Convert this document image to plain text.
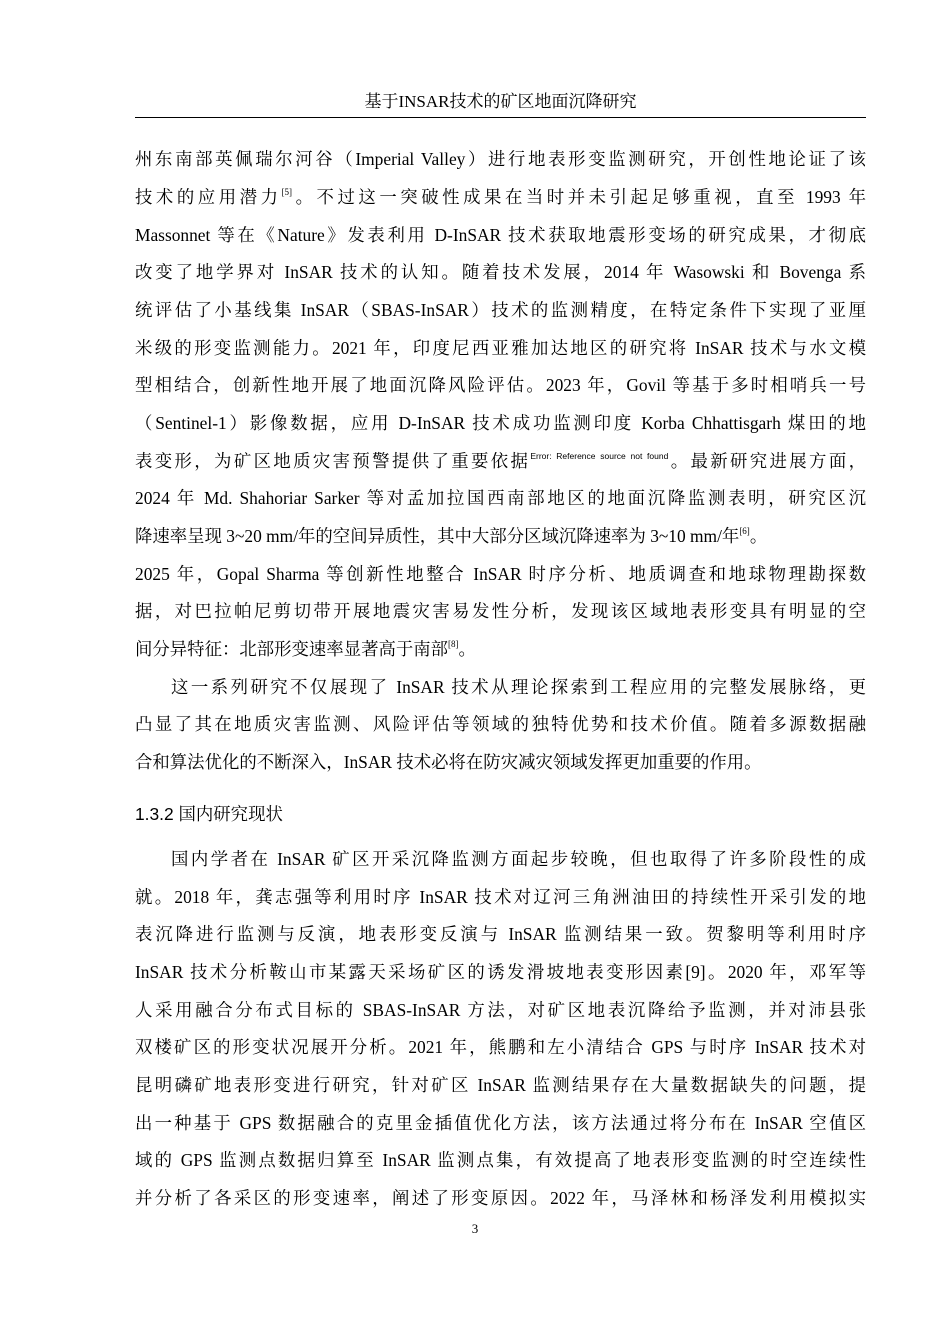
基于INSAR技术的矿区地面沉降研究
州东南部英佩瑞尔河谷（Imperial Valley）进行地表形变监测研究，开创性地论证了该
技术的应用潜力[5]。不过这一突破性成果在当时并未引起足够重视，直至 1993 年
Massonnet 等在《Nature》发表利用 D-InSAR 技术获取地震形变场的研究成果，才彻底
改变了地学界对 InSAR 技术的认知。随着技术发展，2014 年 Wasowski 和 Bovenga 系
统评估了小基线集 InSAR（SBAS-InSAR）技术的监测精度，在特定条件下实现了亚厘
米级的形变监测能力。2021 年，印度尼西亚雅加达地区的研究将 InSAR 技术与水文模
型相结合，创新性地开展了地面沉降风险评估。2023 年，Govil 等基于多时相哨兵一号
（Sentinel-1）影像数据，应用 D-InSAR 技术成功监测印度 Korba Chhattisgarh 煤田的地
表变形，为矿区地质灾害预警提供了重要依据$^{Error: Reference source not found}$。最新研究进展方面，
2024 年 Md. Shahoriar Sarker 等对孟加拉国西南部地区的地面沉降监测表明，研究区沉
降速率呈现 3~20 mm/年的空间异质性，其中大部分区域沉降速率为 3~10 mm/年[6]。
2025 年，Gopal Sharma 等创新性地整合 InSAR 时序分析、地质调查和地球物理勘探数
据，对巴拉帕尼剪切带开展地震灾害易发性分析，发现该区域地表形变具有明显的空
间分异特征：北部形变速率显著高于南部[8]。
这一系列研究不仅展现了 InSAR 技术从理论探索到工程应用的完整发展脉络，更
凸显了其在地质灾害监测、风险评估等领域的独特优势和技术价值。随着多源数据融
合和算法优化的不断深入，InSAR 技术必将在防灾减灾领域发挥更加重要的作用。
1.3.2 国内研究现状
国内学者在 InSAR 矿区开采沉降监测方面起步较晚，但也取得了许多阶段性的成
就。2018 年，龚志强等利用时序 InSAR 技术对辽河三角洲油田的持续性开采引发的地
表沉降进行监测与反演，地表形变反演与 InSAR 监测结果一致。贺黎明等利用时序
InSAR 技术分析鞍山市某露天采场矿区的诱发滑坡地表变形因素[9]。2020 年，邓军等
人采用融合分布式目标的 SBAS-InSAR 方法，对矿区地表沉降给予监测，并对沛县张
双楼矿区的形变状况展开分析。2021 年，熊鹏和左小清结合 GPS 与时序 InSAR 技术对
昆明磷矿地表形变进行研究，针对矿区 InSAR 监测结果存在大量数据缺失的问题，提
出一种基于 GPS 数据融合的克里金插值优化方法，该方法通过将分布在 InSAR 空值区
域的 GPS 监测点数据归算至 InSAR 监测点集，有效提高了地表形变监测的时空连续性
并分析了各采区的形变速率，阐述了形变原因。2022 年，马泽林和杨泽发利用模拟实
3
